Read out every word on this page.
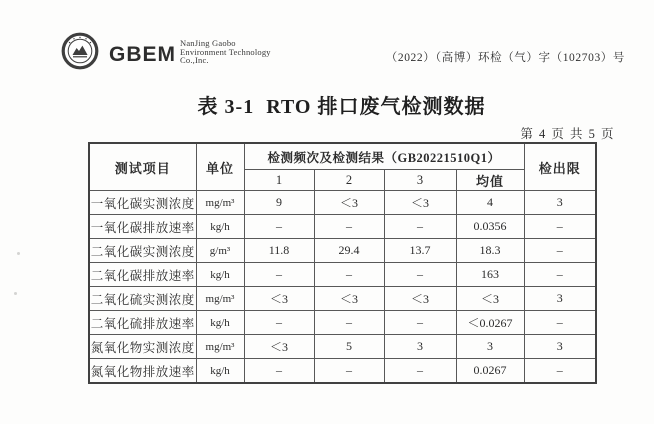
GBEM NanJing Gaobo
Environment Technology
Co.,Inc.	（2022）（高博）环检（气）字（102703）号
表 3-1  RTO 排口废气检测数据
第 4 页 共 5 页
测试项目	单位	检测频次及检测结果（GB20221510Q1）				检出限
		1	2	3	均值	
一氧化碳实测浓度	mg/m³	9	＜3	＜3	4	3
一氧化碳排放速率	kg/h	–	–	–	0.0356	–
二氧化碳实测浓度	g/m³	11.8	29.4	13.7	18.3	–
二氧化碳排放速率	kg/h	–	–	–	163	–
二氧化硫实测浓度	mg/m³	＜3	＜3	＜3	＜3	3
二氧化硫排放速率	kg/h	–	–	–	＜0.0267	–
氮氧化物实测浓度	mg/m³	＜3	5	3	3	3
氮氧化物排放速率	kg/h	–	–	–	0.0267	–
